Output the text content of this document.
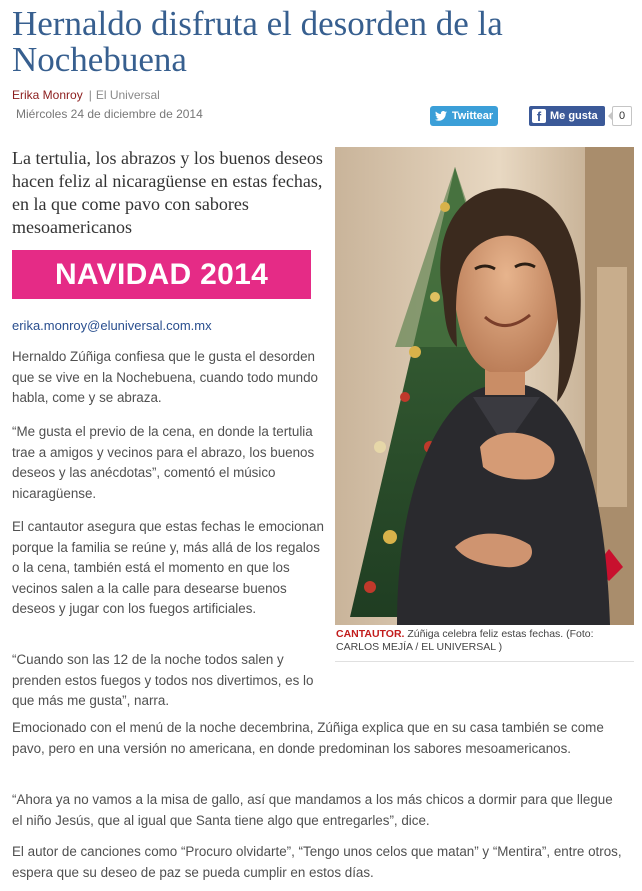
Hernaldo disfruta el desorden de la Nochebuena
Erika Monroy | El Universal
Miércoles 24 de diciembre de 2014	Twittear	f Me gusta	0

La tertulia, los abrazos y los buenos deseos hacen feliz al nicaragüense en estas fechas, en la que come pavo con sabores mesoamericanos

NAVIDAD 2014
erika.monroy@eluniversal.com.mx

Hernaldo Zúñiga confiesa que le gusta el desorden que se vive en la Nochebuena, cuando todo mundo habla, come y se abraza.

“Me gusta el previo de la cena, en donde la tertulia trae a amigos y vecinos para el abrazo, los buenos deseos y las anécdotas”, comentó el músico nicaragüense.

El cantautor asegura que estas fechas le emocionan porque la familia se reúne y, más allá de los regalos o la cena, también está el momento en que los vecinos salen a la calle para desearse buenos deseos y jugar con los fuegos artificiales.

“Cuando son las 12 de la noche todos salen y prenden estos fuegos y todos nos divertimos, es lo que más me gusta”, narra.

Emocionado con el menú de la noche decembrina, Zúñiga explica que en su casa también se come pavo, pero en una versión no americana, en donde predominan los sabores mesoamericanos.

“Ahora ya no vamos a la misa de gallo, así que mandamos a los más chicos a dormir para que llegue el niño Jesús, que al igual que Santa tiene algo que entregarles”, dice.

El autor de canciones como “Procuro olvidarte”, “Tengo unos celos que matan” y “Mentira”, entre otros, espera que su deseo de paz se pueda cumplir en estos días.

CANTAUTOR. Zúñiga celebra feliz estas fechas. (Foto: CARLOS MEJÍA / EL UNIVERSAL )
